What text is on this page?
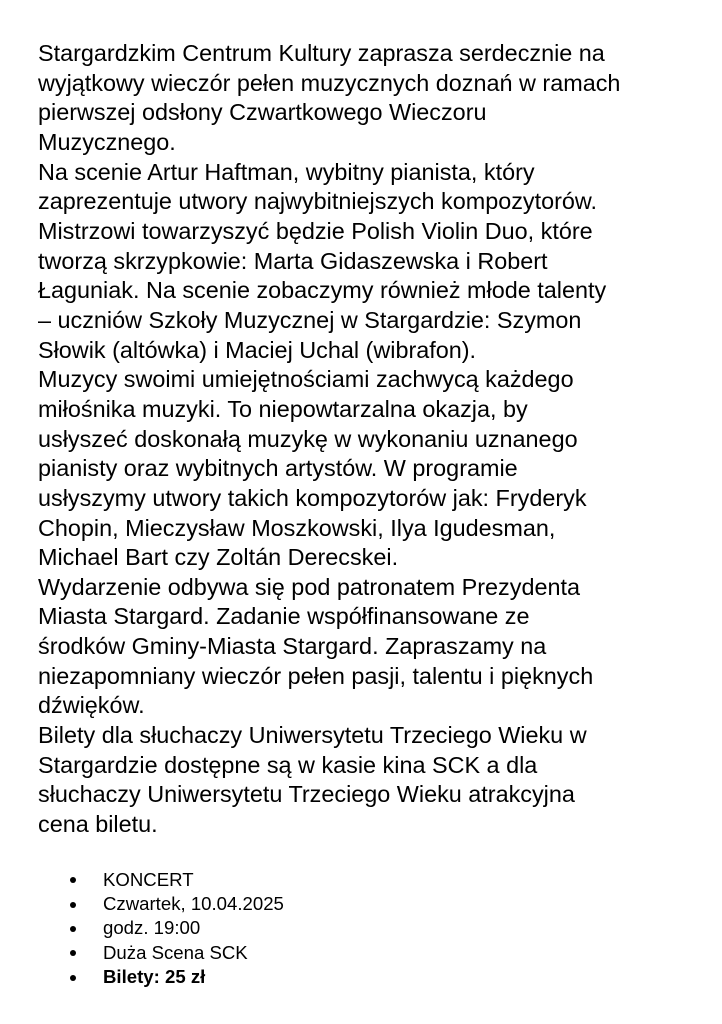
Stargardzkim Centrum Kultury zaprasza serdecznie na
wyjątkowy wieczór pełen muzycznych doznań w ramach
pierwszej odsłony Czwartkowego Wieczoru
Muzycznego.

Na scenie Artur Haftman, wybitny pianista, który
zaprezentuje utwory najwybitniejszych kompozytorów.
Mistrzowi towarzyszyć będzie Polish Violin Duo, które
tworzą skrzypkowie: Marta Gidaszewska i Robert
Łaguniak. Na scenie zobaczymy również młode talenty
– uczniów Szkoły Muzycznej w Stargardzie: Szymon
Słowik (altówka) i Maciej Uchal (wibrafon).

Muzycy swoimi umiejętnościami zachwycą każdego
miłośnika muzyki. To niepowtarzalna okazja, by
usłyszeć doskonałą muzykę w wykonaniu uznanego
pianisty oraz wybitnych artystów. W programie
usłyszymy utwory takich kompozytorów jak: Fryderyk
Chopin, Mieczysław Moszkowski, Ilya Igudesman,
Michael Bart czy Zoltán Derecskei.

Wydarzenie odbywa się pod patronatem Prezydenta
Miasta Stargard. Zadanie współfinansowane ze
środków Gminy-Miasta Stargard. Zapraszamy na
niezapomniany wieczór pełen pasji, talentu i pięknych
dźwięków.

Bilety dla słuchaczy Uniwersytetu Trzeciego Wieku w
Stargardzie dostępne są w kasie kina SCK a dla
słuchaczy Uniwersytetu Trzeciego Wieku atrakcyjna
cena biletu.

KONCERT
Czwartek, 10.04.2025
godz. 19:00
Duża Scena SCK
Bilety: 25 zł
